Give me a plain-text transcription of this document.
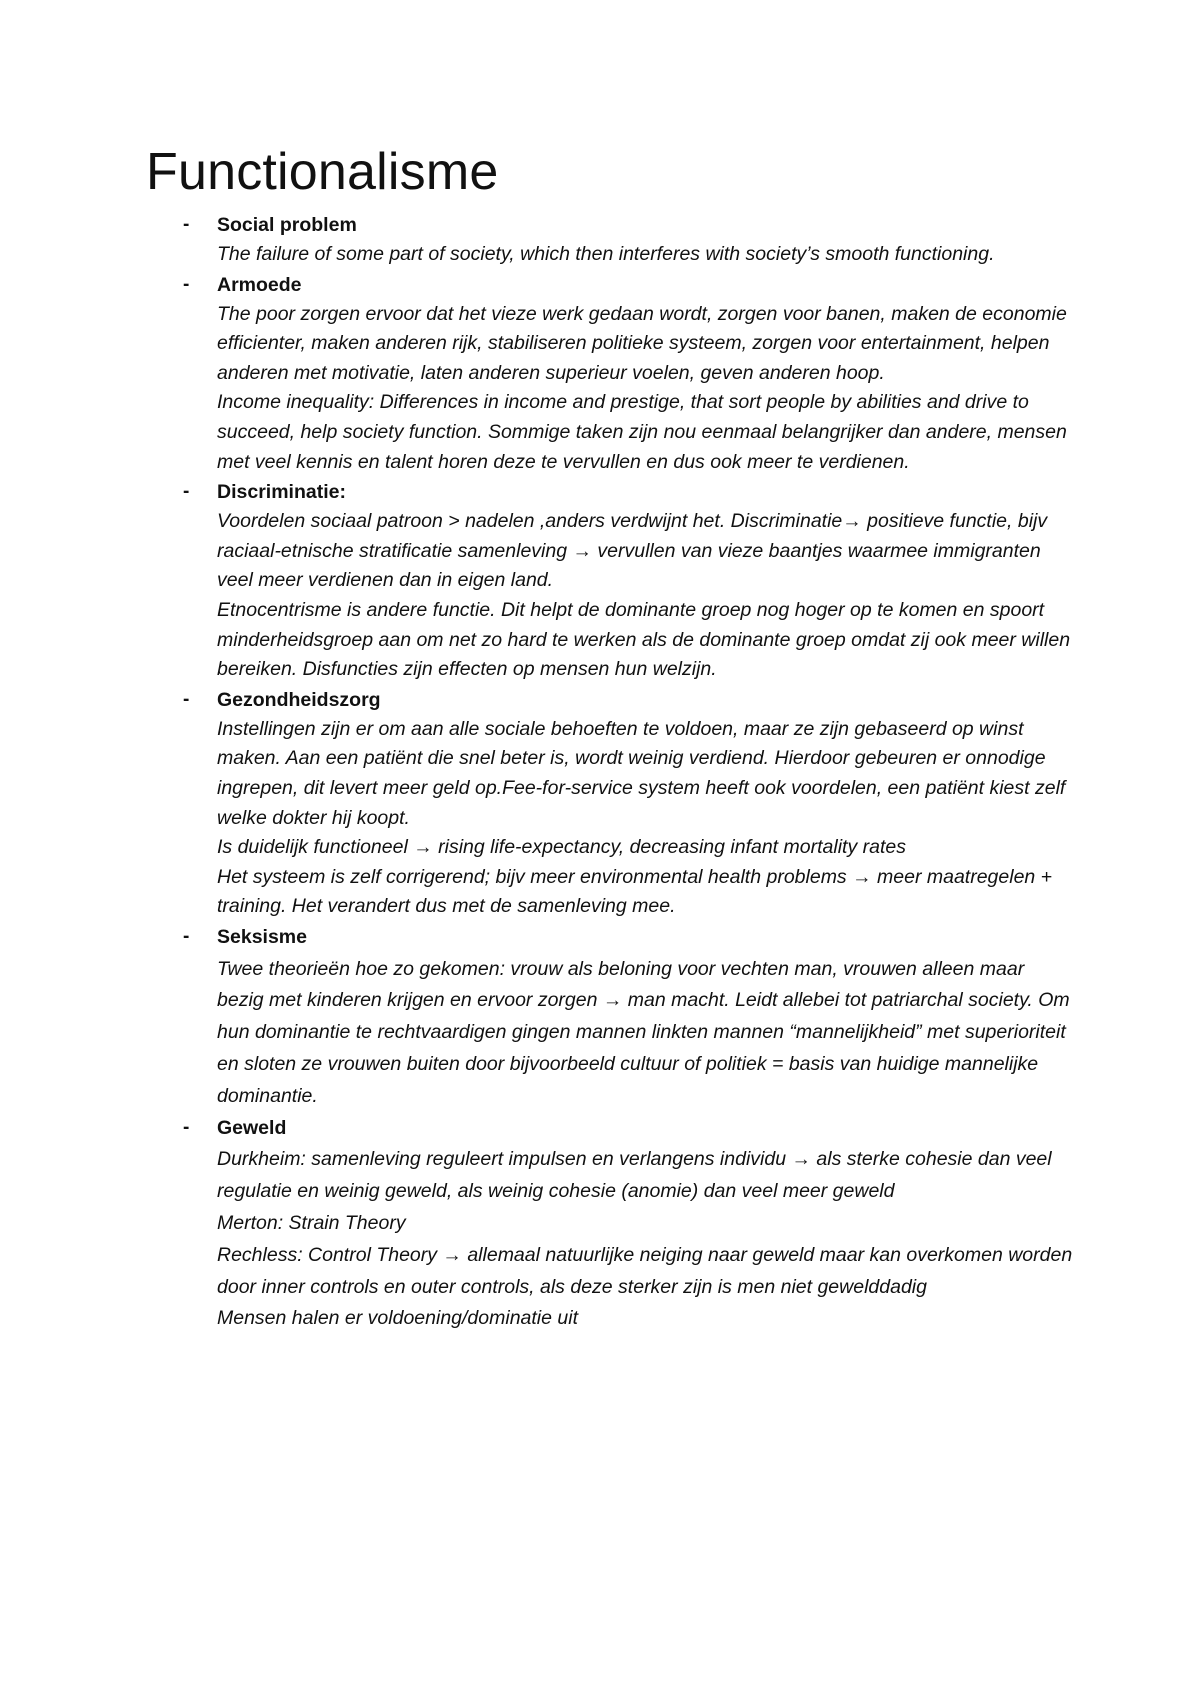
Functionalisme
- Social problem

The failure of some part of society, which then interferes with society’s smooth functioning.

- Armoede

The poor zorgen ervoor dat het vieze werk gedaan wordt, zorgen voor banen, maken de economie efficienter, maken anderen rijk, stabiliseren politieke systeem, zorgen voor entertainment, helpen anderen met motivatie, laten anderen superieur voelen, geven anderen hoop.

Income inequality: Differences in income and prestige, that sort people by abilities and drive to succeed, help society function. Sommige taken zijn nou eenmaal belangrijker dan andere, mensen met veel kennis en talent horen deze te vervullen en dus ook meer te verdienen.

- Discriminatie:

Voordelen sociaal patroon > nadelen ,anders verdwijnt het. Discriminatie→ positieve functie, bijv raciaal-etnische stratificatie samenleving → vervullen van vieze baantjes waarmee immigranten veel meer verdienen dan in eigen land.

Etnocentrisme is andere functie. Dit helpt de dominante groep nog hoger op te komen en spoort minderheidsgroep aan om net zo hard te werken als de dominante groep omdat zij ook meer willen bereiken. Disfuncties zijn effecten op mensen hun welzijn.

- Gezondheidszorg

Instellingen zijn er om aan alle sociale behoeften te voldoen, maar ze zijn gebaseerd op winst maken. Aan een patiënt die snel beter is, wordt weinig verdiend. Hierdoor gebeuren er onnodige ingrepen, dit levert meer geld op.Fee-for-service system heeft ook voordelen, een patiënt kiest zelf welke dokter hij koopt.

Is duidelijk functioneel → rising life-expectancy, decreasing infant mortality rates

Het systeem is zelf corrigerend; bijv meer environmental health problems → meer maatregelen + training. Het verandert dus met de samenleving mee.

- Seksisme

Twee theorieën hoe zo gekomen: vrouw als beloning voor vechten man, vrouwen alleen maar bezig met kinderen krijgen en ervoor zorgen → man macht. Leidt allebei tot patriarchal society. Om hun dominantie te rechtvaardigen gingen mannen linkten mannen “mannelijkheid” met superioriteit en sloten ze vrouwen buiten door bijvoorbeeld cultuur of politiek = basis van huidige mannelijke dominantie.

- Geweld

Durkheim: samenleving reguleert impulsen en verlangens individu → als sterke cohesie dan veel regulatie en weinig geweld, als weinig cohesie (anomie) dan veel meer geweld

Merton: Strain Theory

Rechless: Control Theory → allemaal natuurlijke neiging naar geweld maar kan overkomen worden door inner controls en outer controls, als deze sterker zijn is men niet gewelddadig

Mensen halen er voldoening/dominatie uit
